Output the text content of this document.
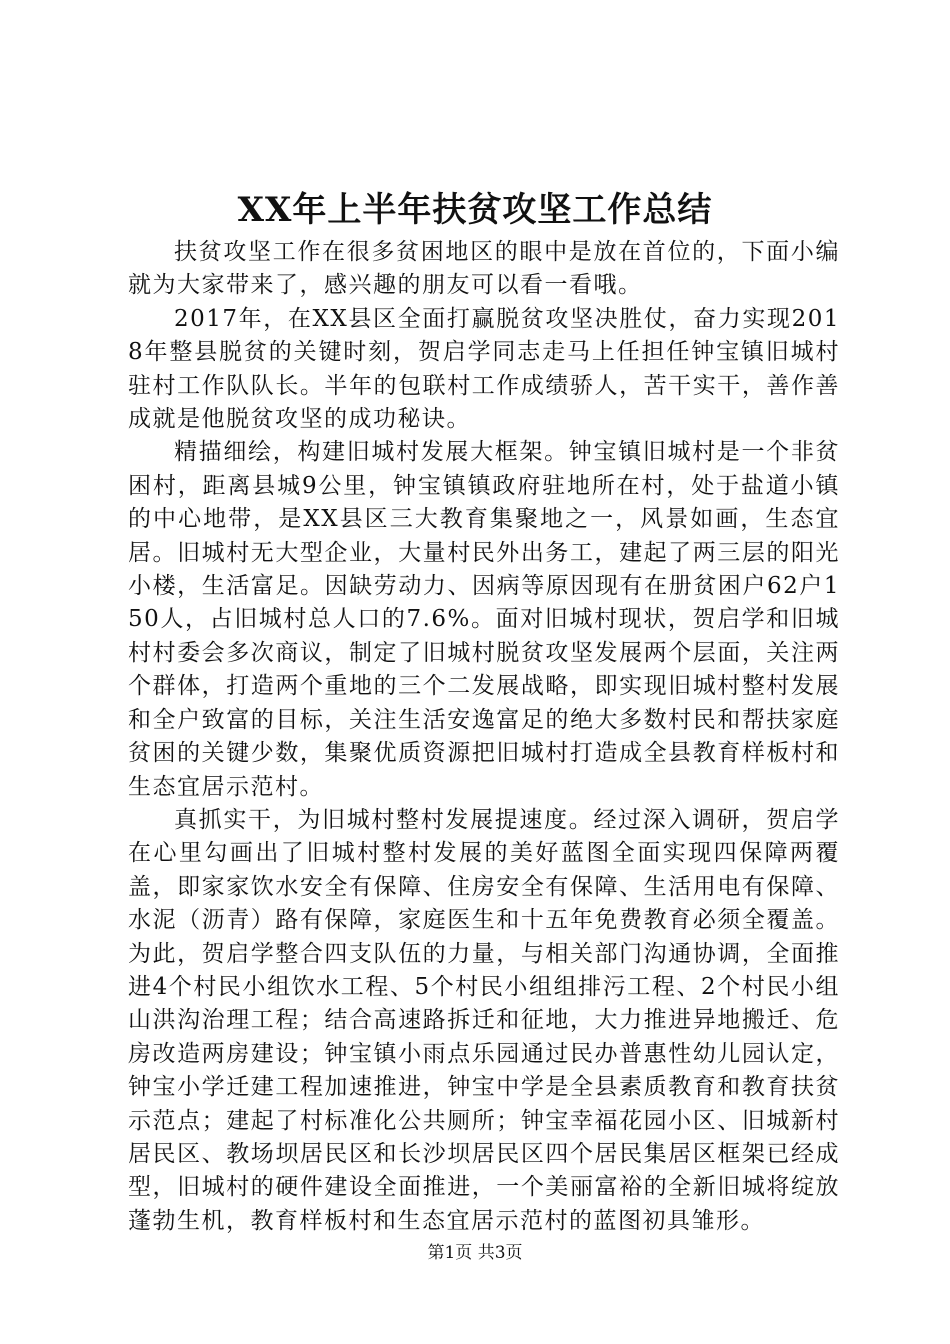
XX年上半年扶贫攻坚工作总结

扶贫攻坚工作在很多贫困地区的眼中是放在首位的，下面小编就为大家带来了，感兴趣的朋友可以看一看哦。

2017年，在XX县区全面打赢脱贫攻坚决胜仗，奋力实现2018年整县脱贫的关键时刻，贺启学同志走马上任担任钟宝镇旧城村驻村工作队队长。半年的包联村工作成绩骄人，苦干实干，善作善成就是他脱贫攻坚的成功秘诀。

精描细绘，构建旧城村发展大框架。钟宝镇旧城村是一个非贫困村，距离县城9公里，钟宝镇镇政府驻地所在村，处于盐道小镇的中心地带，是XX县区三大教育集聚地之一，风景如画，生态宜居。旧城村无大型企业，大量村民外出务工，建起了两三层的阳光小楼，生活富足。因缺劳动力、因病等原因现有在册贫困户62户150人，占旧城村总人口的7.6%。面对旧城村现状，贺启学和旧城村村委会多次商议，制定了旧城村脱贫攻坚发展两个层面，关注两个群体，打造两个重地的三个二发展战略，即实现旧城村整村发展和全户致富的目标，关注生活安逸富足的绝大多数村民和帮扶家庭贫困的关键少数，集聚优质资源把旧城村打造成全县教育样板村和生态宜居示范村。

真抓实干，为旧城村整村发展提速度。经过深入调研，贺启学在心里勾画出了旧城村整村发展的美好蓝图全面实现四保障两覆盖，即家家饮水安全有保障、住房安全有保障、生活用电有保障、水泥（沥青）路有保障，家庭医生和十五年免费教育必须全覆盖。为此，贺启学整合四支队伍的力量，与相关部门沟通协调，全面推进4个村民小组饮水工程、5个村民小组组排污工程、2个村民小组山洪沟治理工程；结合高速路拆迁和征地，大力推进异地搬迁、危房改造两房建设；钟宝镇小雨点乐园通过民办普惠性幼儿园认定，钟宝小学迁建工程加速推进，钟宝中学是全县素质教育和教育扶贫示范点；建起了村标准化公共厕所；钟宝幸福花园小区、旧城新村居民区、教场坝居民区和长沙坝居民区四个居民集居区框架已经成型，旧城村的硬件建设全面推进，一个美丽富裕的全新旧城将绽放蓬勃生机，教育样板村和生态宜居示范村的蓝图初具雏形。

第1页 共3页
